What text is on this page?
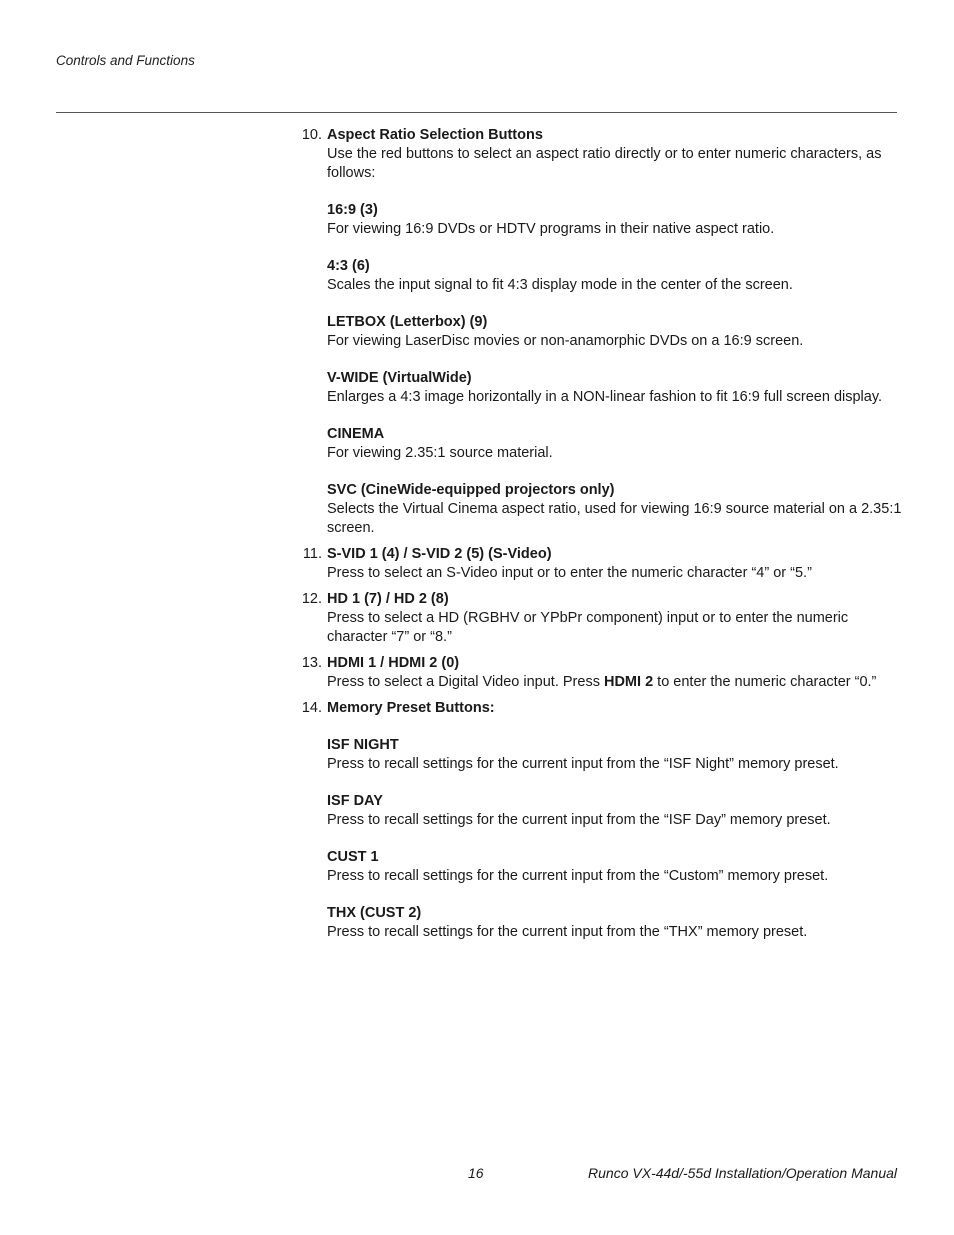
Controls and Functions
10 . Aspect Ratio Selection Buttons

Use the red buttons to select an aspect ratio directly or to enter numeric characters, as follows:

16:9 (3)

For viewing 16:9 DVDs or HDTV programs in their native aspect ratio.

4:3 (6)

Scales the input signal to fit 4:3 display mode in the center of the screen.

LETBOX (Letterbox) (9)

For viewing LaserDisc movies or non-anamorphic DVDs on a 16:9 screen.

V-WIDE (VirtualWide)

Enlarges a 4:3 image horizontally in a NON-linear fashion to fit 16:9 full screen display.

CINEMA

For viewing 2.35:1 source material.

SVC (CineWide-equipped projectors only)

Selects the Virtual Cinema aspect ratio, used for viewing 16:9 source material on a 2.35:1 screen.

11 . S-VID 1 (4) / S-VID 2 (5) (S-Video)

Press to select an S-Video input or to enter the numeric character “4” or “5.”

12 . HD 1 (7) / HD 2 (8)

Press to select a HD (RGBHV or YPbPr component) input or to enter the numeric character “7” or “8.”

13 . HDMI 1 / HDMI 2 (0)

Press to select a Digital Video input. Press HDMI 2 to enter the numeric character “0.”

14 . Memory Preset Buttons:
ISF NIGHT

Press to recall settings for the current input from the “ISF Night” memory preset.

ISF DAY

Press to recall settings for the current input from the “ISF Day” memory preset.

CUST 1

Press to recall settings for the current input from the “Custom” memory preset.

THX (CUST 2)

Press to recall settings for the current input from the “THX” memory preset.

16	Runco VX-44d/-55d Installation/Operation Manual
